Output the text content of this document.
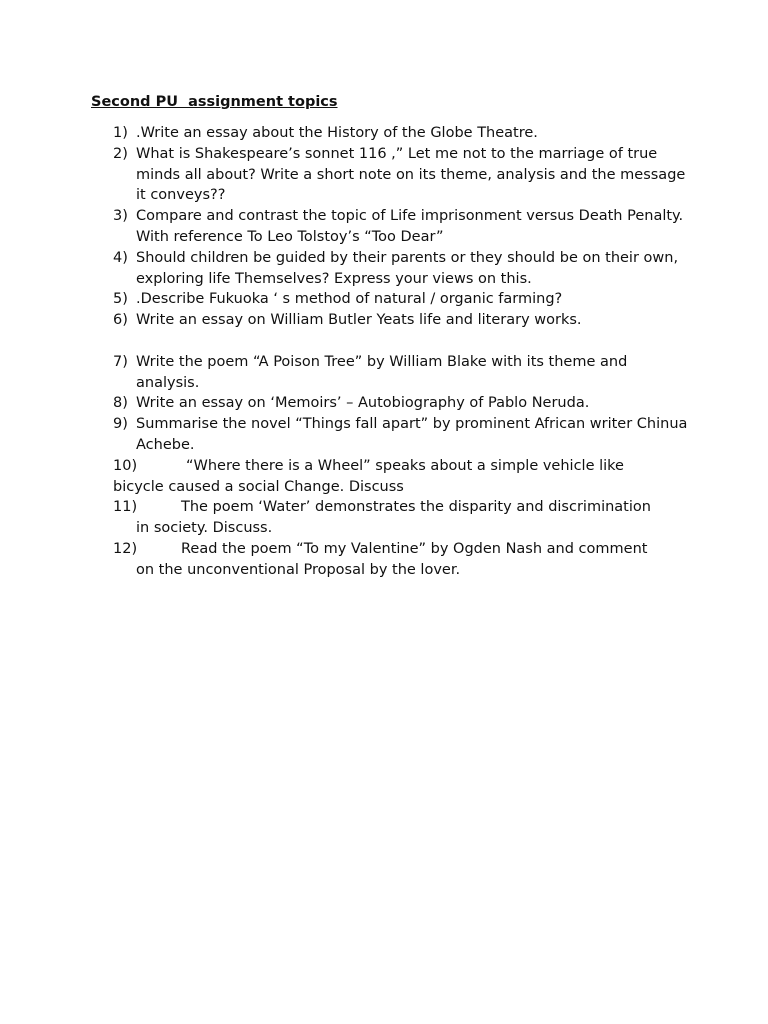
Second PU  assignment topics
1) .Write an essay about the History of the Globe Theatre.
2) What is Shakespeare’s sonnet 116 ,” Let me not to the marriage of true minds all about? Write a short note on its theme, analysis and the message it conveys??
3) Compare and contrast the topic of Life imprisonment versus Death Penalty. With reference To Leo Tolstoy’s “Too Dear”
4) Should children be guided by their parents or they should be on their own, exploring life Themselves? Express your views on this.
5) .Describe Fukuoka ‘ s method of natural / organic farming?
6) Write an essay on William Butler Yeats life and literary works.
7) Write the poem “A Poison Tree” by William Blake with its theme and analysis.
8) Write an essay on ‘Memoirs’ – Autobiography of Pablo Neruda.
9) Summarise the novel “Things fall apart” by prominent African writer Chinua Achebe.
10)	“Where there is a Wheel” speaks about a simple vehicle like
bicycle caused a social Change. Discuss
11)	The poem ‘Water’ demonstrates the disparity and discrimination
in society. Discuss.
12)	Read the poem “To my Valentine” by Ogden Nash and comment
on the unconventional Proposal by the lover.
